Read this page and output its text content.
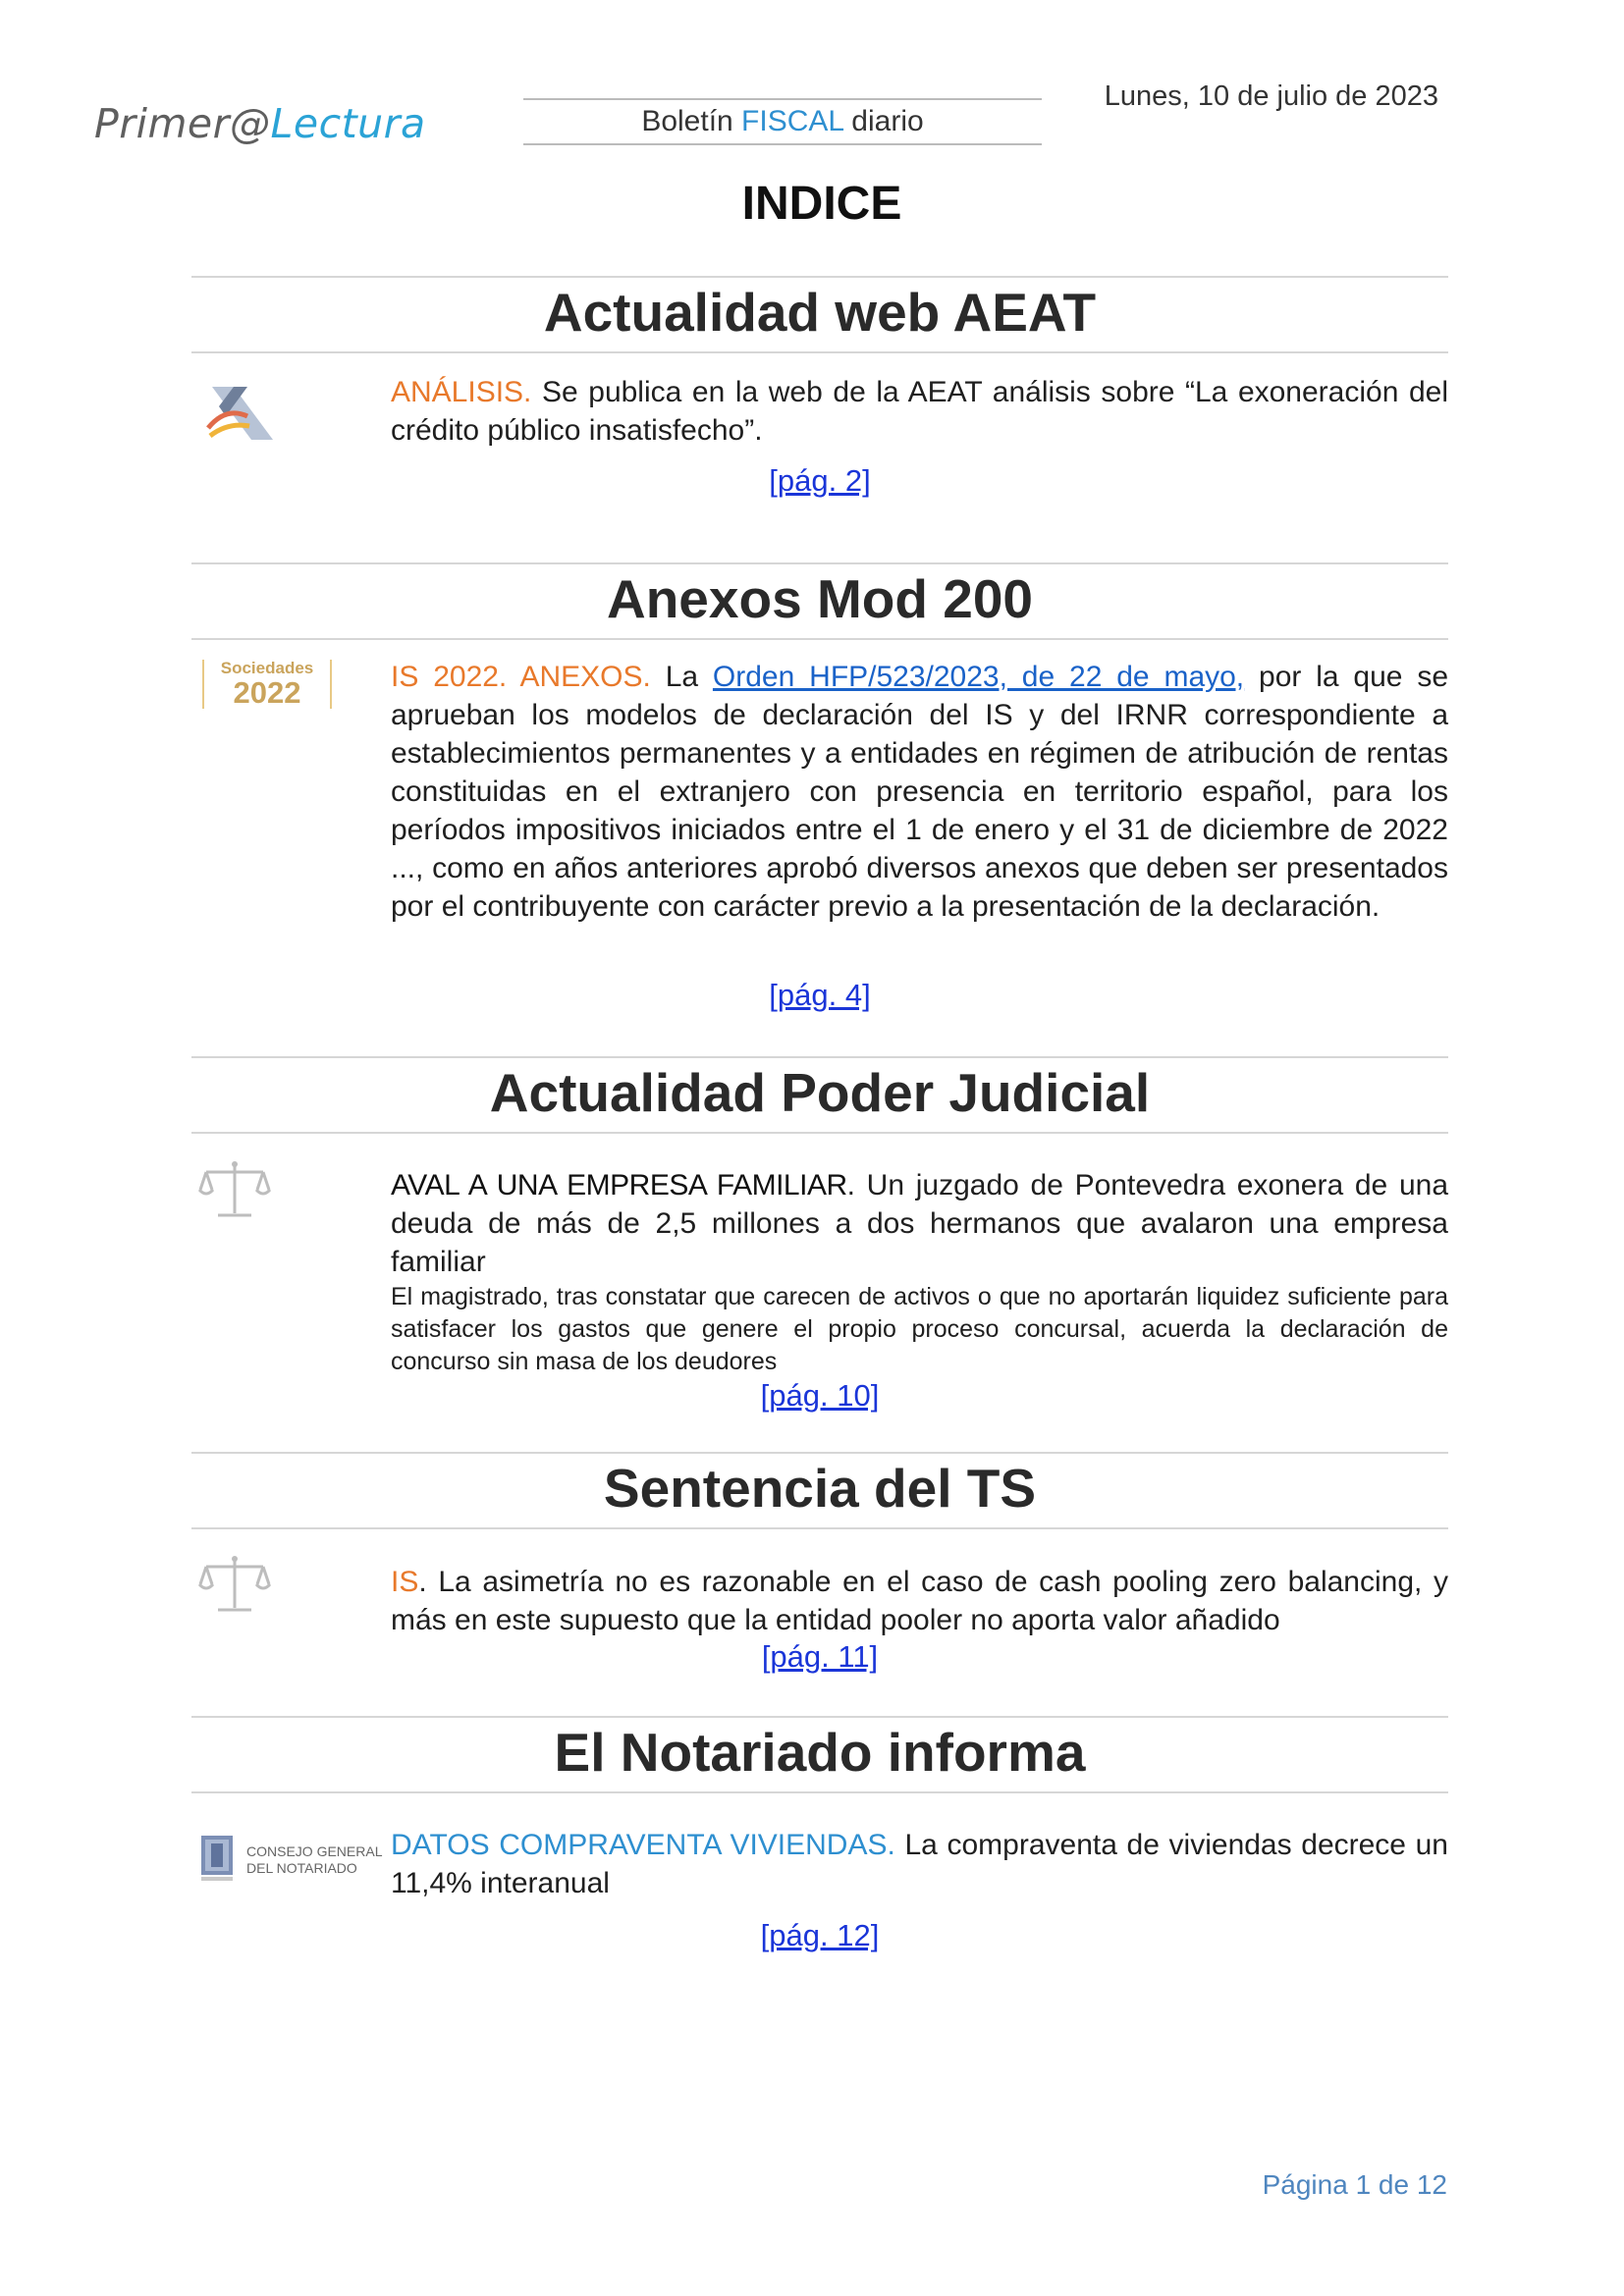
Primer@Lectura	Boletín FISCAL diario
Lunes, 10 de julio de 2023
INDICE
Actualidad web AEAT
ANÁLISIS. Se publica en la web de la AEAT análisis sobre “La exoneración del crédito público insatisfecho”.
[pág. 2]
Anexos Mod 200
Sociedades
2022	IS 2022. ANEXOS. La Orden HFP/523/2023, de 22 de mayo, por la que se aprueban los modelos de declaración del IS y del IRNR correspondiente a establecimientos permanentes y a entidades en régimen de atribución de rentas constituidas en el extranjero con presencia en territorio español, para los períodos impositivos iniciados entre el 1 de enero y el 31 de diciembre de 2022 ..., como en años anteriores aprobó diversos anexos que deben ser presentados por el contribuyente con carácter previo a la presentación de la declaración.
[pág. 4]
Actualidad Poder Judicial
AVAL A UNA EMPRESA FAMILIAR. Un juzgado de Pontevedra exonera de una deuda de más de 2,5 millones a dos hermanos que avalaron una empresa familiar
El magistrado, tras constatar que carecen de activos o que no aportarán liquidez suficiente para satisfacer los gastos que genere el propio proceso concursal, acuerda la declaración de concurso sin masa de los deudores
[pág. 10]
Sentencia del TS
IS. La asimetría no es razonable en el caso de cash pooling zero balancing, y más en este supuesto que la entidad pooler no aporta valor añadido
[pág. 11]
El Notariado informa
CONSEJO GENERAL
DEL NOTARIADO
DATOS COMPRAVENTA VIVIENDAS. La compraventa de viviendas decrece un 11,4% interanual
[pág. 12]
Página 1 de 12
